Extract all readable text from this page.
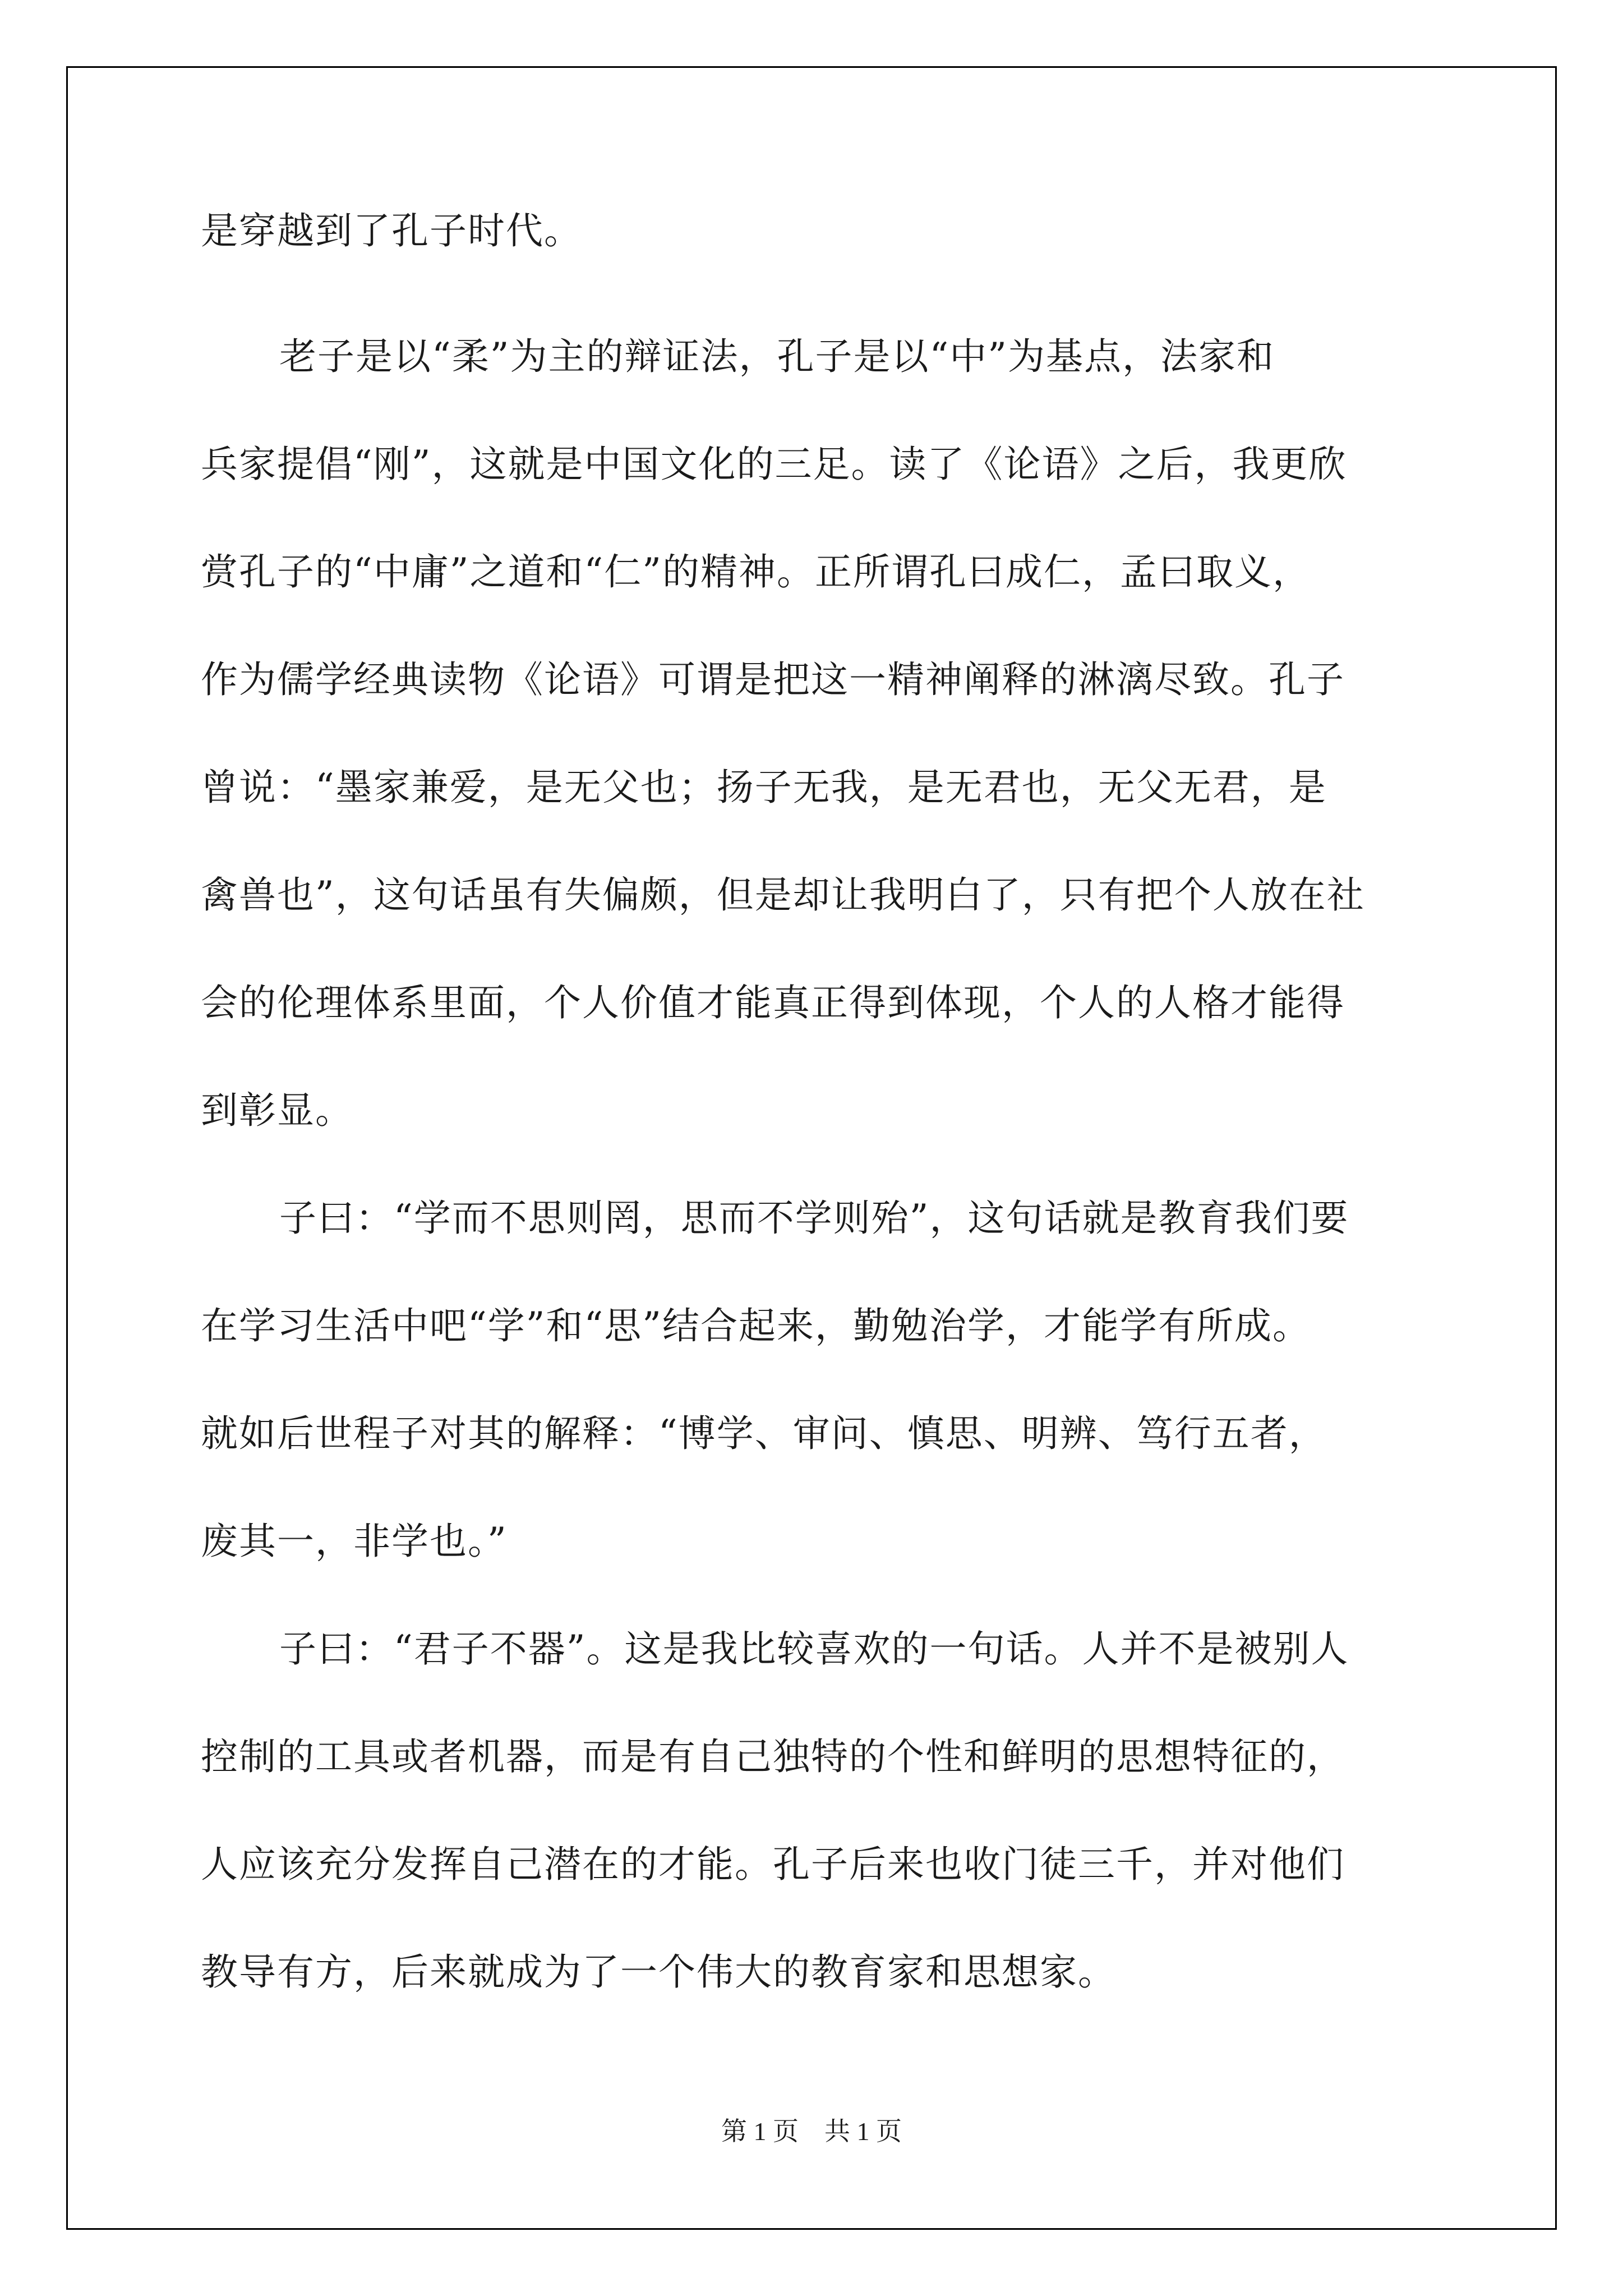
是穿越到了孔子时代。
老子是以“柔”为主的辩证法，孔子是以“中”为基点，法家和
兵家提倡“刚”，这就是中国文化的三足。读了《论语》之后，我更欣
赏孔子的“中庸”之道和“仁”的精神。正所谓孔曰成仁，孟曰取义，
作为儒学经典读物《论语》可谓是把这一精神阐释的淋漓尽致。孔子
曾说：“墨家兼爱，是无父也；扬子无我，是无君也，无父无君，是
禽兽也”，这句话虽有失偏颇，但是却让我明白了，只有把个人放在社
会的伦理体系里面，个人价值才能真正得到体现，个人的人格才能得
到彰显。
子曰：“学而不思则罔，思而不学则殆”，这句话就是教育我们要
在学习生活中吧“学”和“思”结合起来，勤勉治学，才能学有所成。
就如后世程子对其的解释：“博学、审问、慎思、明辨、笃行五者，
废其一，非学也。”
子曰：“君子不器”。这是我比较喜欢的一句话。人并不是被别人
控制的工具或者机器，而是有自己独特的个性和鲜明的思想特征的，
人应该充分发挥自己潜在的才能。孔子后来也收门徒三千，并对他们
教导有方，后来就成为了一个伟大的教育家和思想家。
第 1 页　共 1 页
